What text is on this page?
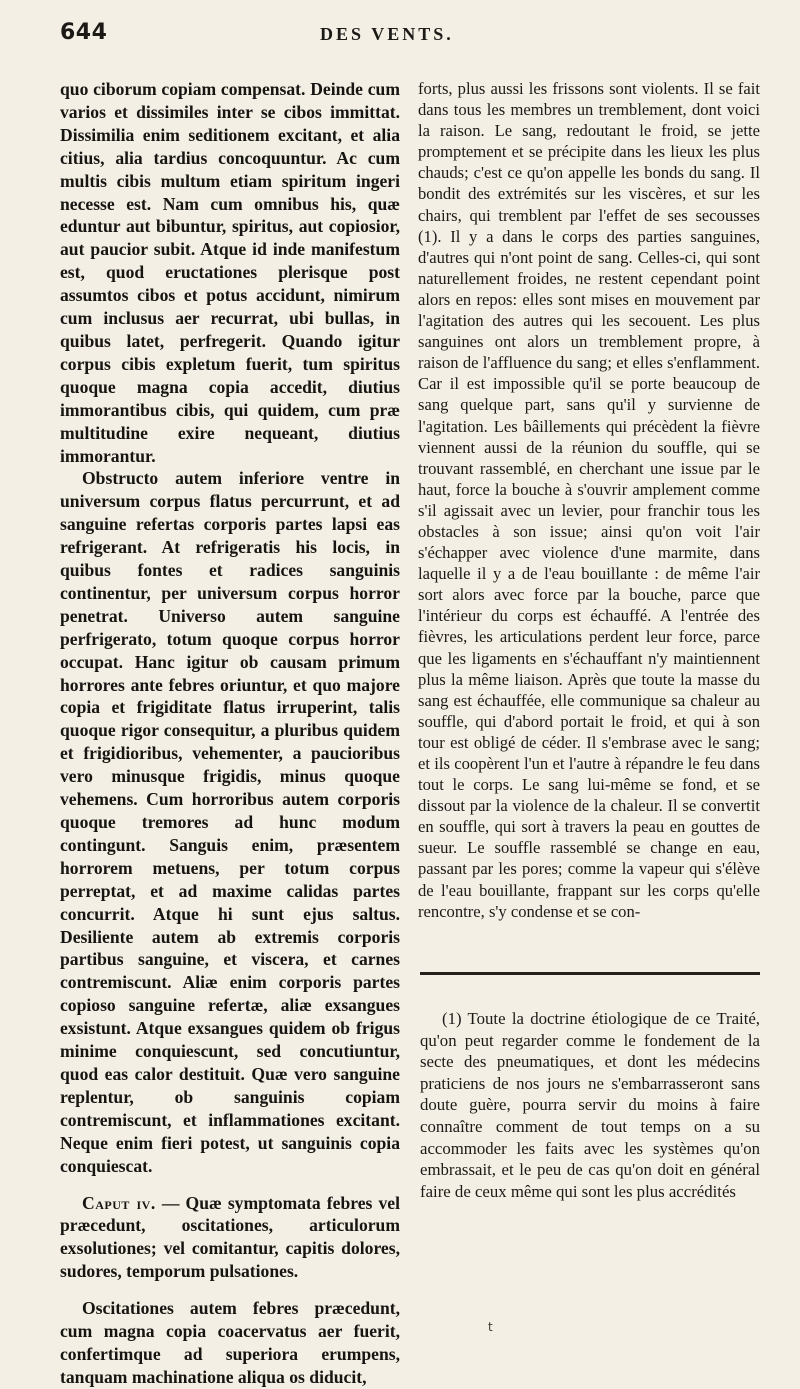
644	DES VENTS.

quo ciborum copiam compensat. Deinde cum varios et dissimiles inter se cibos immittat. Dissimilia enim seditionem excitant, et alia citius, alia tardius concoquuntur. Ac cum multis cibis multum etiam spiritum ingeri necesse est. Nam cum omnibus his, quæ eduntur aut bibuntur, spiritus, aut copiosior, aut paucior subit. Atque id inde manifestum est, quod eructationes plerisque post assumtos cibos et potus accidunt, nimirum cum inclusus aer recurrat, ubi bullas, in quibus latet, perfregerit. Quando igitur corpus cibis expletum fuerit, tum spiritus quoque magna copia accedit, diutius immorantibus cibis, qui quidem, cum præ multitudine exire nequeant, diutius immorantur.

Obstructo autem inferiore ventre in universum corpus flatus percurrunt, et ad sanguine refertas corporis partes lapsi eas refrigerant. At refrigeratis his locis, in quibus fontes et radices sanguinis continentur, per universum corpus horror penetrat. Universo autem sanguine perfrigerato, totum quoque corpus horror occupat. Hanc igitur ob causam primum horrores ante febres oriuntur, et quo majore copia et frigiditate flatus irruperint, talis quoque rigor consequitur, a pluribus quidem et frigidioribus, vehementer, a paucioribus vero minusque frigidis, minus quoque vehemens. Cum horroribus autem corporis quoque tremores ad hunc modum contingunt. Sanguis enim, præsentem horrorem metuens, per totum corpus perreptat, et ad maxime calidas partes concurrit. Atque hi sunt ejus saltus. Desiliente autem ab extremis corporis partibus sanguine, et viscera, et carnes contremiscunt. Aliæ enim corporis partes copioso sanguine refertæ, aliæ exsangues exsistunt. Atque exsangues quidem ob frigus minime conquiescunt, sed concutiuntur, quod eas calor destituit. Quæ vero sanguine replentur, ob sanguinis copiam contremiscunt, et inflammationes excitant. Neque enim fieri potest, ut sanguinis copia conquiescat.

Caput iv. — Quæ symptomata febres vel præcedunt, oscitationes, articulorum exsolutiones; vel comitantur, capitis dolores, sudores, temporum pulsationes.

Oscitationes autem febres præcedunt, cum magna copia coacervatus aer fuerit, confertimque ad superiora erumpens, tanquam machinatione aliqua os diducit,

forts, plus aussi les frissons sont violents. Il se fait dans tous les membres un tremblement, dont voici la raison. Le sang, redoutant le froid, se jette promptement et se précipite dans les lieux les plus chauds; c'est ce qu'on appelle les bonds du sang. Il bondit des extrémités sur les viscères, et sur les chairs, qui tremblent par l'effet de ses secousses (1). Il y a dans le corps des parties sanguines, d'autres qui n'ont point de sang. Celles-ci, qui sont naturellement froides, ne restent cependant point alors en repos: elles sont mises en mouvement par l'agitation des autres qui les secouent. Les plus sanguines ont alors un tremblement propre, à raison de l'affluence du sang; et elles s'enflamment. Car il est impossible qu'il se porte beaucoup de sang quelque part, sans qu'il y survienne de l'agitation. Les bâillements qui précèdent la fièvre viennent aussi de la réunion du souffle, qui se trouvant rassemblé, en cherchant une issue par le haut, force la bouche à s'ouvrir amplement comme s'il agissait avec un levier, pour franchir tous les obstacles à son issue; ainsi qu'on voit l'air s'échapper avec violence d'une marmite, dans laquelle il y a de l'eau bouillante : de même l'air sort alors avec force par la bouche, parce que l'intérieur du corps est échauffé. A l'entrée des fièvres, les articulations perdent leur force, parce que les ligaments en s'échauffant n'y maintiennent plus la même liaison. Après que toute la masse du sang est échauffée, elle communique sa chaleur au souffle, qui d'abord portait le froid, et qui à son tour est obligé de céder. Il s'embrase avec le sang; et ils coopèrent l'un et l'autre à répandre le feu dans tout le corps. Le sang lui-même se fond, et se dissout par la violence de la chaleur. Il se convertit en souffle, qui sort à travers la peau en gouttes de sueur. Le souffle rassemblé se change en eau, passant par les pores; comme la vapeur qui s'élève de l'eau bouillante, frappant sur les corps qu'elle rencontre, s'y condense et se con-

(1) Toute la doctrine étiologique de ce Traité, qu'on peut regarder comme le fondement de la secte des pneumatiques, et dont les médecins praticiens de nos jours ne s'embarrasseront sans doute guère, pourra servir du moins à faire connaître comment de tout temps on a su accommoder les faits avec les systèmes qu'on embrassait, et le peu de cas qu'on doit en général faire de ceux même qui sont les plus accrédités

t
